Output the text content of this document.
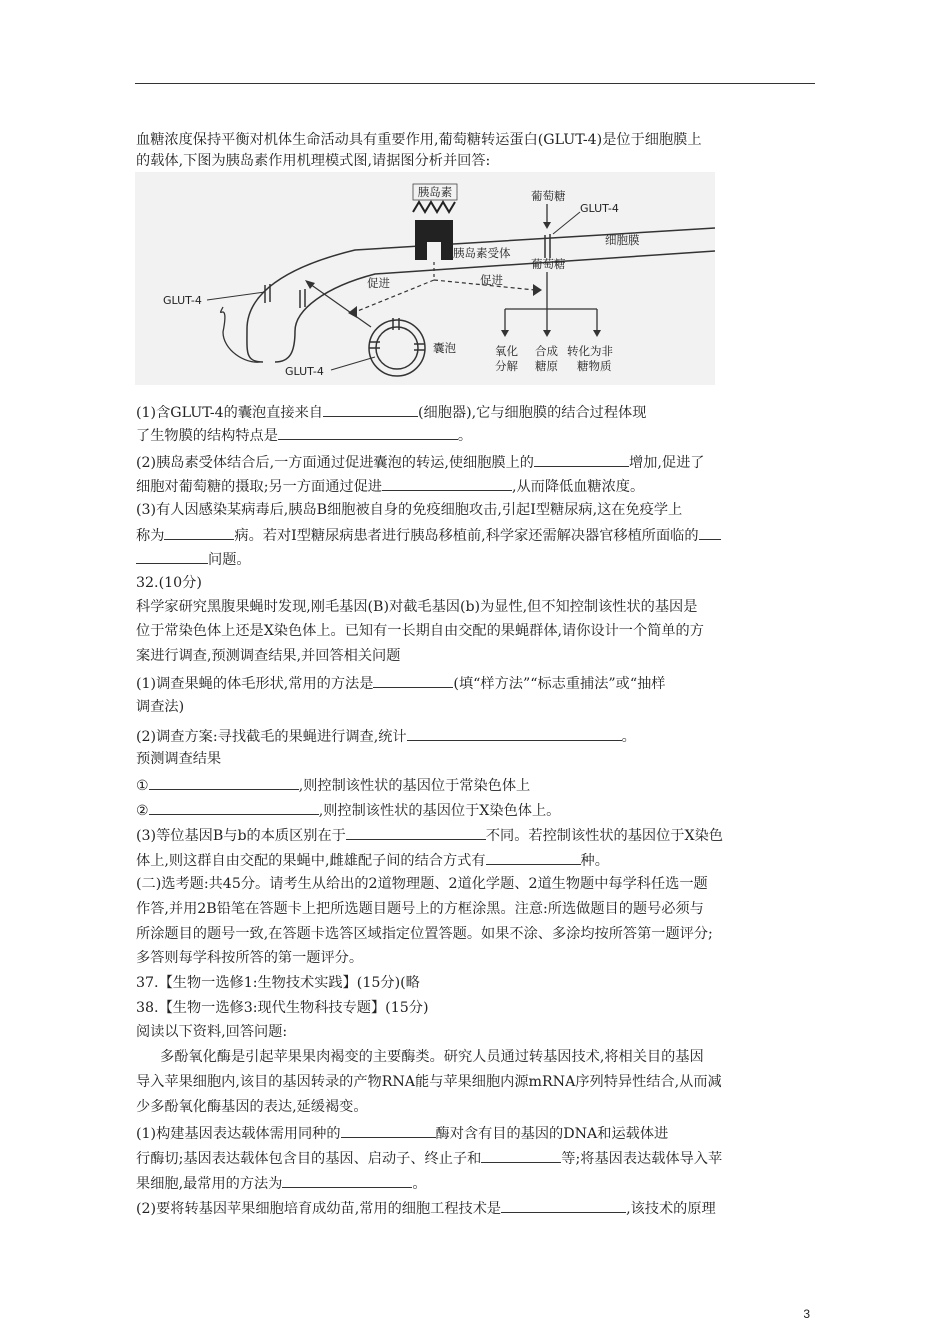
血糖浓度保持平衡对机体生命活动具有重要作用,葡萄糖转运蛋白(GLUT-4)是位于细胞膜上
的载体,下图为胰岛素作用机理模式图,请据图分析并回答:
胰岛素
胰岛素受体
葡萄糖
GLUT-4
细胞膜
葡萄糖
氧化
分解
合成
糖原
转化为非
糖物质
促进	促进
囊泡
GLUT-4
GLUT-4
(1)含GLUT-4的囊泡直接来自	(细胞器),它与细胞膜的结合过程体现
了生物膜的结构特点是	。
(2)胰岛素受体结合后,一方面通过促进囊泡的转运,使细胞膜上的	增加,促进了
细胞对葡萄糖的摄取;另一方面通过促进	,从而降低血糖浓度。
(3)有人因感染某病毒后,胰岛B细胞被自身的免疫细胞攻击,引起Ⅰ型糖尿病,这在免疫学上
称为	病。若对Ⅰ型糖尿病患者进行胰岛移植前,科学家还需解决器官移植所面临的
问题。
32.(10分)
科学家研究黑腹果蝇时发现,刚毛基因(B)对截毛基因(b)为显性,但不知控制该性状的基因是
位于常染色体上还是X染色体上。已知有一长期自由交配的果蝇群体,请你设计一个简单的方
案进行调查,预测调查结果,并回答相关问题
(1)调查果蝇的体毛形状,常用的方法是	(填“样方法”“标志重捕法”或“抽样
调查法)
(2)调查方案:寻找截毛的果蝇进行调查,统计	。
预测调查结果
①	,则控制该性状的基因位于常染色体上
②	,则控制该性状的基因位于X染色体上。
(3)等位基因B与b的本质区别在于	不同。若控制该性状的基因位于X染色
体上,则这群自由交配的果蝇中,雌雄配子间的结合方式有	种。
(二)选考题:共45分。请考生从给出的2道物理题、2道化学题、2道生物题中每学科任选一题
作答,并用2B铅笔在答题卡上把所选题目题号上的方框涂黑。注意:所选做题目的题号必须与
所涂题目的题号一致,在答题卡选答区域指定位置答题。如果不涂、多涂均按所答第一题评分;
多答则每学科按所答的第一题评分。
37.【生物一选修1:生物技术实践】(15分)(略
38.【生物一选修3:现代生物科技专题】(15分)
阅读以下资料,回答问题:
多酚氧化酶是引起苹果果肉褐变的主要酶类。研究人员通过转基因技术,将相关目的基因
导入苹果细胞内,该目的基因转录的产物RNA能与苹果细胞内源mRNA序列特异性结合,从而减
少多酚氧化酶基因的表达,延缓褐变。
(1)构建基因表达载体需用同种的	酶对含有目的基因的DNA和运载体进
行酶切;基因表达载体包含目的基因、启动子、终止子和	等;将基因表达载体导入苹
果细胞,最常用的方法为	。
(2)要将转基因苹果细胞培育成幼苗,常用的细胞工程技术是	,该技术的原理
3
